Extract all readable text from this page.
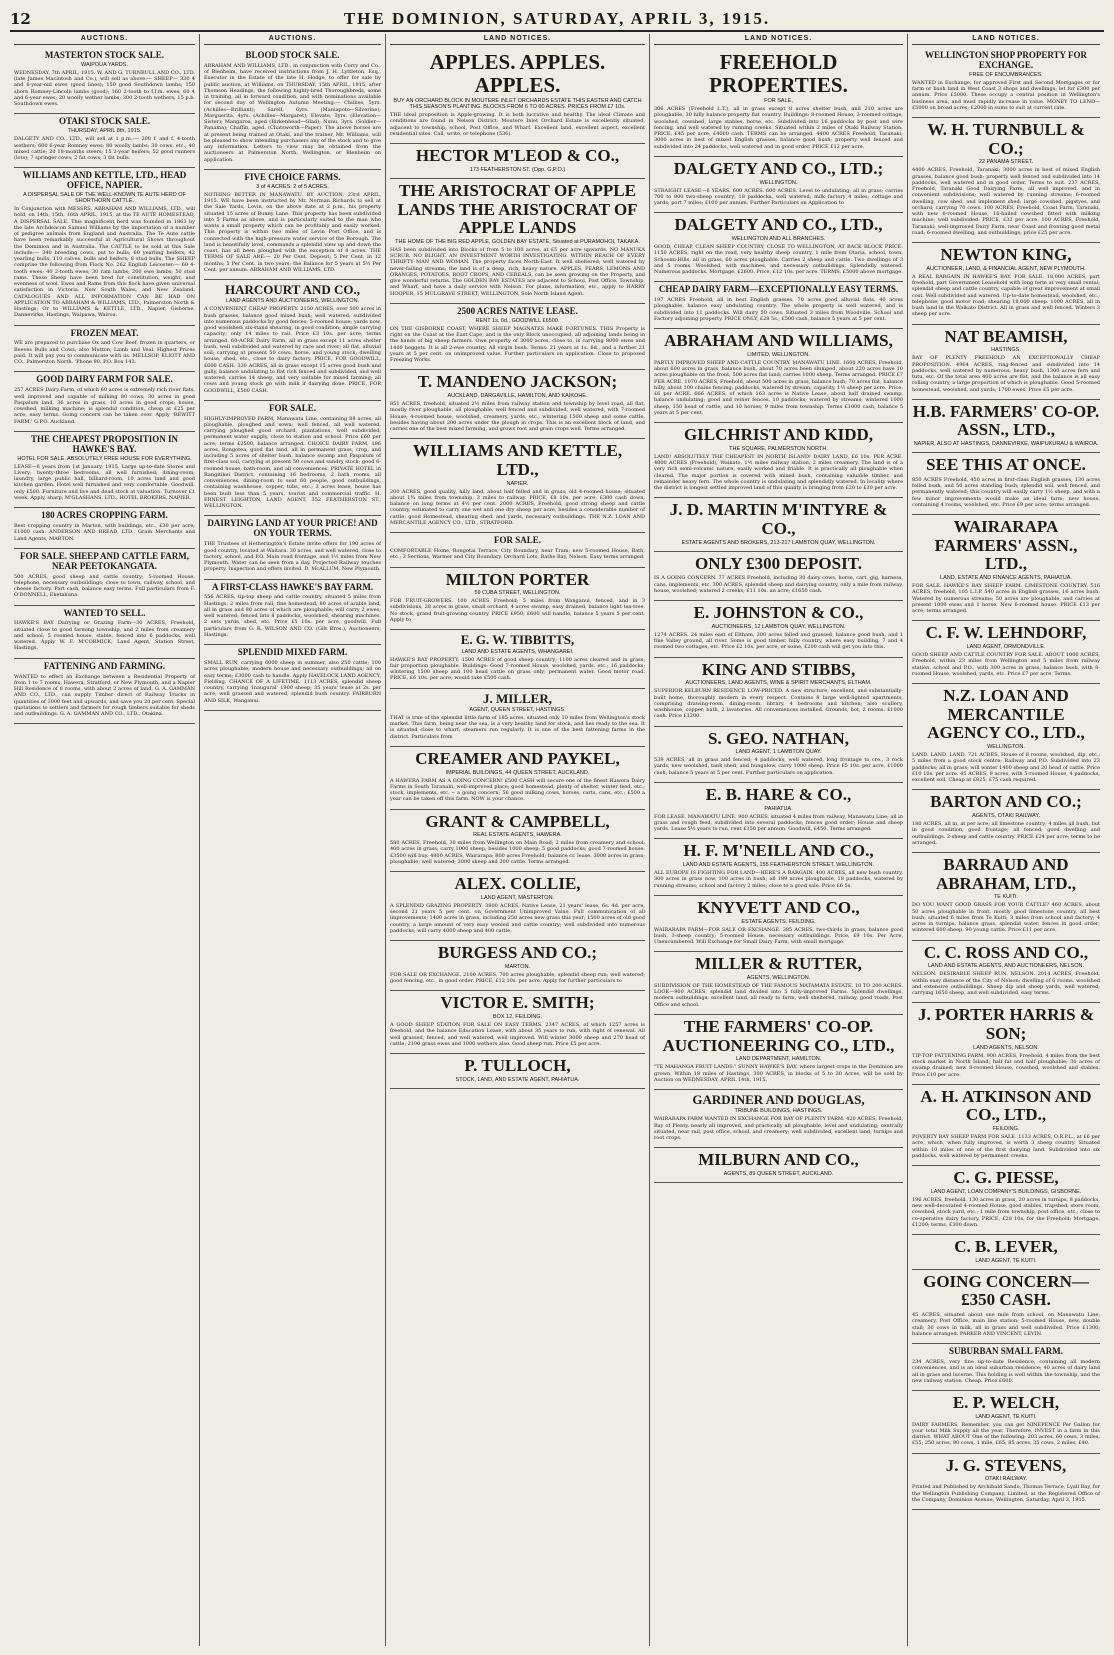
12	THE DOMINION, SATURDAY, APRIL 3, 1915.
AUCTIONS.
MASTERTON STOCK SALE.
WAIPOUA YARDS.
WEDNESDAY, 7th APRIL, 1915. W. AND G. TURNBULL AND CO., LTD. (late James Macintosh and Co.), will sell as above:— SHEEP— 330 4 and 6-year-old ewes (good lines); 150 good Southdown lambs; 150 shorn Romney-Lincoln lambs (good); 160 2-tooth to f.f.m. ewes; 60 4 and 6-year ewes; 20 woolly wether lambs; 300 2-tooth wethers; 15 p.b. Southdown ewes.
OTAKI STOCK SALE.
THURSDAY, APRIL 8th, 1915.
DALGETY AND CO., LTD., will sell at 1 p.m.:— 200 f. and f. 4-tooth wethers; 600 6-year Romney ewes; 80 woolly lambs; 30 cows, etc.; 40 mixed cattle; 20 18-months steers; 15 2-year heifers; 52 good runners (lots); 7 springer cows; 2 fat cows; 3 fat bulls.
WILLIAMS AND KETTLE, LTD., HEAD OFFICE, NAPIER.
A DISPERSAL SALE OF THE WELL-KNOWN TE AUTE HERD OF SHORTHORN CATTLE.
In Conjunction with MESSRS. ABRAHAM AND WILLIAMS, LTD., will hold, on 14th, 15th, 16th APRIL, 1915, at the TE AUTE HOMESTEAD, A DISPERSAL SALE. This magnificent herd was founded in 1863 by the late Archdeacon Samuel Williams by the importation of a number of pedigree animals from England and Australia. The Te Aute cattle have been remarkably successful at Agricultural Shows throughout the Dominion and in Australia. The CATTLE to be sold at this Sale include:— 340 breeding cows, put to bulls; 60 yearling heifers; 42 yearling bulls; 110 calves, bulls and heifers; 8 stud bulls. The SHEEP comprise the following from Flock No. 262 English Leicester:— 60 4-tooth ewes; 40 2-tooth ewes; 30 ram lambs; 200 ewe lambs; 50 stud rams. These Sheep have been bred for constitution, weight, and evenness of wool. Ewes and Rams from this flock have given universal satisfaction in Victoria, New South Wales, and New Zealand. CATALOGUES AND ALL INFORMATION CAN BE HAD ON APPLICATION TO ABRAHAM & WILLIAMS, LTD., Palmerston North & Hastings; Or to WILLIAMS & KETTLE, LTD., Napier, Gisborne, Dannevirke, Hastings, Waipawa, Wairoa.
FROZEN MEAT.
WE are prepared to purchase Ox and Cow Beef, frozen in quarters, or Beeves Bulls and Cows; also Mutton, Lamb and Veal. Highest Prices paid. It will pay you to communicate with us. MELLSOP, ELIOTT AND CO., Palmerston North. 'Phone 90. P.O. Box 143.
GOOD DAIRY FARM FOR SALE.
257 ACRES Dairy Farm, of which 60 acres is extremely rich river flats, well improved and capable of milking 80 cows; 30 acres in good Paspalum land, 36 acres in grass, 10 acres in good crops; house, cowshed, milking machine; is splendid condition, cheap at £25 per acre; easy terms. Going concern can be taken over. Apply 'BEWITT FARM,' G.P.O. Auckland.
THE CHEAPEST PROPOSITION IN HAWKE'S BAY.
HOTEL FOR SALE. ABSOLUTELY FREE HOUSE FOR EVERYTHING.
LEASE—6 years from 1st January, 1915. Large up-to-date Stores and Livery; twenty-three bedrooms, all well furnished; dining-room; laundry, large public hall, billiard-room, 10 acres land and good kitchen garden. Hotel well furnished and very comfortable. Goodwill, only £500. Furniture and live and dead stock at valuation. Turnover £1 week. Apply, sharp, M'GLASHANS, LTD., HOTEL BROKERS, NAPIER.
180 ACRES CROPPING FARM.
Best cropping country in Marton, with buildings, etc., £30 per acre; £1000 cash. ANDERSON AND BREAD, LTD., Grain Merchants and Land Agents, MARTON.
FOR SALE. SHEEP AND CATTLE FARM, NEAR PEETOKANGATA.
500 ACRES, good sheep and cattle country; 5-roomed House, telephone, necessary outbuildings; close to town, railway, school, and cheese factory. Part cash, balance easy terms. Full particulars from F. O'DONNELL, Eketahuna.
WANTED TO SELL.
HAWKE'S BAY Dairying or Grazing Farm—30 ACRES, Freehold, situated close to good farming township, and 2 miles from creamery and school; 5 roomed house, stable, fenced into 6 paddocks, well watered. Apply W. F. M'CORMICK, Land Agent, Station Street, Hastings.
FATTENING AND FARMING.
WANTED to effect an Exchange between a Residential Property of from 1 to 7 rooms, Hawera, Stratford, or New Plymouth, and a Napier Hill Residence of 8 rooms, with about 2 acres of land. G. A. GAMMAN AND CO., LTD., can supply Timber direct of Railway Trucks in quantities of 3000 feet and upwards, and save you 20 per cent. Special quotations to settlers and farmers for rough timbers suitable for sheds and outbuildings. G. A. GAMMAN AND CO., LTD., Otakina.
AUCTIONS.
BLOOD STOCK SALE.
ABRAHAM AND WILLIAMS, LTD., in conjunction with Corry and Co., of Blenheim, have received instructions from J. H. Lyttleton, Esq., Executor in the Estate of the late H. Hodge, to offer for sale by public auction, at Williams, on THURSDAY, 15th APRIL, 1915, after Thomson Headings, the following highly-bred Thoroughbreds, some in training, all in forward condition, and with nominations available for second day of Wellington Autumn Meeting:— Chillies, 5yrs. (Achilles—Brilliant); Sarell, 6yrs. (Maniapoto—Silverine); Marguerita, 4yrs. (Achilles—Margaret); Elevate, 3yrs. (Elevation—Sister); Mangaroa, aged (Birkenhead—Glad); Nunu, 3yrs. (Soldier—Panama); Chaffin, aged, (Chatsworth—Paper). The above horses are at present being trained at Otaki, and the trainer, Mr. Williams, will be pleased to show intending purchasers any of the stock and to give any information. Letters to view may be obtained from the auctioneers at Palmerston North, Wellington, or Blenheim on application.
FIVE CHOICE FARMS.
3 of 4 ACRES. 2 of 5 ACRES.
NOTHING BETTER IN MANAWATU. BY AUCTION, 23rd APRIL, 1915. WE have been instructed by Mr. Norman Richards to sell at the Sale Yards, Levin, on the above date at 2 p.m., his property situated 15 acres of Bunny Lane. This property has been subdivided into 5 Farms as above, and is particularly suited to the man who wants a small property which can be profitably and easily worked. This property is within two miles of Levin Post Office, and is connected with the high-pressure water service of the Borough. The land is beautifully level, commands a splendid view up and down the coast, has all been ploughed with the exception of 8 acres. THE TERMS OF SALE ARE:— 20 Per Cent. Deposit; 5 Per Cent. in 12 months; 5 Per Cent. in two years; the Balance for 5 years at 5½ Per Cent. per annum. ABRAHAM AND WILLIAMS, LTD.
HARCOURT AND CO.,
LAND AGENTS AND AUCTIONEERS, WELLINGTON.
A CONVENIENT CHEAP PROPERTY. 2150 ACRES, over 500 acres in bush grasses, balance good mixed bush; well watered; subdivided into numerous paddocks by good fences; 5-roomed house; yards now, good woolshed; six-stand shearing, in good condition; ample carrying capacity; only 14 miles to rail. Price £3 10s. per acre; terms arranged. 60-ACRE Dairy Farm, all in grass except 11 acres shelter bush, well subdivided and watered by race and river; all flat, alluvial soil; carrying at present 50 cows, horse, and young stock; dwelling house, shed, etc., close to dairy factory. PRICE, FOR GOODWILL, £600 CASH. 330 ACRES, all in grass except 15 acres good bush and gully, balance undulating to flat rich fenced and subdivided, and well watered; carries 14 sheep, and very suitable for mixed farming; all cows and young stock go with milk if dairying done. PRICE, FOR GOODWILL, £500 CASH.
FOR SALE.
HIGHLY-IMPROVED FARM, Manawatu Line, containing 88 acres, all ploughable, ploughed and sown; well fenced, all well watered, carrying ploughed good orchard, plantations, well subdivided, permanent water supply, close to station and school. Price £60 per acre; terms £2500, balance arranged. CHOICE DAIRY FARM, 196 acres, Rongotea, good flat land, all in permanent grass, crop, and including 5 acres of shelter bush, balance swamp and Paspalum of first-class soil, carrying at present 50 cows and sundry stock; good 6-roomed house, bath-room, and all conveniences. PRIVATE HOTEL in Rangitikei District, containing 16 bedrooms, 2 bath rooms, all conveniences, dining-room to seat 60 people, good outbuildings, containing washhouse, copper, tubs, etc.; 3 acres lease, house has been built less than 5 years, tourist and commercial traffic. H. ERNEST LEIGHTON, LAND AGENT, 352 FEATHERSTON ST., WELLINGTON.
DAIRYING LAND AT YOUR PRICE! AND ON YOUR TERMS.
THE Trustees of Hetherington's Estate invite offers for 190 acres of good country, located at Waitara. 30 acres, and well watered, close to factory, school, and P.O. Main road frontage, and 1½ miles from New Plymouth. Water can be seen from a day. Projected Railway touches property. Inspection and offers invited. D. McALLUM, New Plymouth.
A FIRST-CLASS HAWKE'S BAY FARM.
556 ACRES, tip-top sheep and cattle country, situated 5 miles from Hastings, 2 miles from rail; fine homestead, 80 acres of arable land, all in grass and 80 acres of which are ploughable; will carry 2 ewes; well watered; fenced into 8 paddocks, woolshed, shearing machines, 2 sets yards, shed, etc. Price £5 10s. per acre, goodwill. Full particulars from G. R. WILSON AND CO. (Gilt Bros.), Auctioneers, Hastings.
SPLENDID MIXED FARM.
SMALL RUN, carrying 6000 sheep in summer, also 250 cattle; 100 acres ploughable; modern house and necessary outbuildings; all on easy terms; £3000 cash to handle. Apply HAVELOCK LAND AGENCY, Fielding. CHANCE OF A LIFETIME. 1113 ACRES, splendid sheep country, carrying 'Inaugural' 1900 sheep; 35 years' lease at 2s. per acre; well grassed and watered, splendid bush country. FAIRBURN AND SILK, Wanganui.
LAND NOTICES.
APPLES. APPLES. APPLES.
BUY AN ORCHARD BLOCK IN MOUTERE INLET ORCHARDS ESTATE THIS EASTER AND CATCH THIS SEASON'S PLANTING. BLOCKS FROM 6 TO 60 ACRES. PRICES FROM £7 10s.
THE ideal proposition is Apple-growing. It is both lucrative and healthy. The ideal Climate and conditions are found in Nelson District. Moutere Inlet Orchard Estate is excellently situated, adjacent to township, school, Post Office, and Wharf. Excellent land, excellent aspect, excellent residential sites. Call, write, or telephone (536).
HECTOR M'LEOD & CO.,
173 FEATHERSTON ST. (Opp. G.P.O.)
THE ARISTOCRAT OF APPLE LANDS THE ARISTOCRAT OF APPLE LANDS
THE HOME OF THE BIG RED APPLE, GOLDEN BAY ESTATE, Situated at PURAMOHOI, TAKAKA.
HAS been subdivided into Blocks of from 5 to 100 acres, at £5 per acre upwards. NO MANUKA SCRUB. NO BLIGHT. AN INVESTMENT WORTH INVESTIGATING. WITHIN REACH OF EVERY THRIFTY MAN AND WOMAN. The property faces North-East. It well sheltered; well watered by never-failing streams; the land is of a deep, rich, heavy nature. APPLES, PEARS, LEMONS AND ORANGES, POTATOES, ROOT CROPS, AND CEREALS, can be seen growing on the Property, and give wonderful returns. The GOLDEN BAY ESTATES are adjacent to School, Post Office, Township, and Wharf, and have a daily service with Nelson. For plans, information, etc., apply to HARRY HOOPER, 15 MULGRAVE STREET, WELLINGTON, Sole North Island Agent.
2500 ACRES NATIVE LEASE.
RENT 1s. 6d., GOODWILL £6500.
ON THE GISBORNE COAST, WHERE SHEEP MAGNATES MAKE FORTUNES. THIS Property is right on the Coast at the East Cape, and is the only Block unoccupied, all adjoining lands being in the hands of big sheep farmers. Owe property of 3000 acres, close to, is carrying 8000 ewes and 1400 heggets. It is all 2-ewe country. All virgin bush. Terms: 21 years at 1s. 6d., and a further 21 years at 5 per cent. on unimproved value. Further particulars on application. Close to proposed Freezing Works.
T. MANDENO JACKSON;
AUCKLAND, DARGAVILLE, HAMILTON, AND KAIKOHE.
851 ACRES, freehold, situated 2½ miles from railway station and township by level road, all flat, mostly river ploughable, all ploughable, well fenced and subdivided, well watered, with 7-roomed House; 4-roomed house, woolshed, creamery, yards, etc.; wintering 1500 sheep and some cattle, besides having about 200 acres under the plough in crops. This is an excellent block of land, and carries one of the best mixed farming, and grows root and grain crops well. Terms arranged.
WILLIAMS AND KETTLE, LTD.,
NAPIER.
200 ACRES, good quality, hilly land, about half felled and in grass; old 4-roomed house; situated about 1¾ miles from township, 3 miles to railway. PRICE, £8 10s. per acre; £300 cash down, balance on long terms at 4½ per cent. 2000 ACRES, Freehold, good strong sheep and cattle country, estimated to carry one wet and one dry sheep per acre, besides a considerable number of cattle; good Homestead, shearing shed, and yards, necessary outbuildings. THE N.Z. LOAN AND MERCANTILE AGENCY CO., LTD., STRATFORD.
FOR SALE.
COMFORTABLE Home, Rongotai Terrace, City Boundary, near Tram; new 5-roomed House, Bath, etc.; 3 Sections, Warmer and City Boundary. Orchard Lots, Bathe Bay, Nelson. Easy terms arranged.
MILTON PORTER
59 CUBA STREET, WELLINGTON.
FOR FRUIT-GROWERS. 100 ACRES Freehold; 5 miles from Wanganui, fenced, and in 3 subdivisions, 28 acres in grass, small orchard, 4 acres swamp, easy drained, balance light tea-tree. No stock, grand fruit-growing country. PRICE £950; £600 will handle, balance 5 years 5 per cent. Apply to
E. G. W. TIBBITTS,
LAND AND ESTATE AGENTS, WHANGAREI.
HAWKE'S BAY PROPERTY. 1500 ACRES of good sheep country; 1100 acres cleared and in grass; fair proportion ploughable. Buildings: Good 7-roomed House, woolshed, yards, etc.; 16 paddocks; wintering 1500 sheep and 100 head cattle on grass only; permanent water. Good motor road. PRICE, £6 10s. per acre; would take £500 cash.
J. MILLER,
AGENT, QUEEN STREET, HASTINGS.
THAT is true of the splendid little farm of 185 acres, situated only 10 miles from Wellington's stock market. This farm, being near the sea, is a very healthy land for stock, and lies ready to the sea. It is situated close to wharf; steamers run regularly. It is one of the best fattening farms in the district. Particulars from
CREAMER AND PAYKEL,
IMPERIAL BUILDINGS, 44 QUEEN STREET, AUCKLAND.
A HAWERA FARM AS A GOING CONCERN! £500 CASH will secure one of the finest Hawera Dairy Farms in South Taranaki, well-improved place; good homestead, plenty of shelter, winter feed, etc.; stock, implements, etc. -- a going concern; 56 good milking cows, horses, carts, cans, etc.; £500 a year can be taken off this farm. NOW is your chance.
GRANT & CAMPBELL,
REAL ESTATE AGENTS, HAWERA.
580 ACRES, Freehold, 30 miles from Wellington on Main Road; 2 miles from creamery and school; 400 acres in grass; carry 1000 sheep, besides 1000 sheep; 5 good paddocks; good 7-roomed house. £3500 will buy. 4800 ACRES, Wairarapa; 800 acres Freehold; balance cr. lease. 3000 acres in grass; ploughable; well watered; 3000 sheep and 200 cattle. Terms arranged.
ALEX. COLLIE,
LAND AGENT, MASTERTON.
A SPLENDID GRAZING PROPERTY. 3800 ACRES, Native Lease, 21 years' lease, 6s. 4d. per acre, second 21 years 5 per cent. on Government Unimproved Value. Full communication of all improvements; 1400 acres in grass, including 250 acres new grass this year; 1500 acres of old good country, a large amount of very easy wooled and cattle country; well subdivided into numerous paddocks; will carry 4000 sheep and 400 cattle.
BURGESS AND CO.;
MARTON.
FOR SALE OR EXCHANGE. 2100 ACRES, 700 acres ploughable, splendid sheep run; well watered; good fencing, etc., in good order. PRICE, £12 10s. per acre. Apply for further particulars to
VICTOR E. SMITH;
BOX 12, FEILDING.
A GOOD SHEEP STATION FOR SALE ON EASY TERMS. 2347 ACRES, of which 1257 acres is freehold, and the balance Education Lease, with about 35 years to run, with right of renewal. All well grassed, fenced, and well watered, well improved. Will winter 3000 sheep and 270 head of cattle; 2100 grass ewes and 1000 wethers also. Good sheep run. Price £5 per acre.
P. TULLOCH,
STOCK, LAND, AND ESTATE AGENT, PAHIATUA.
LAND NOTICES.
FREEHOLD PROPERTIES.
FOR SALE,
306 ACRES (Freehold L.T.), all in grass except 8 acres shelter bush, and 210 acres are ploughable, 30 hilly balance property flat country. Buildings: 8-roomed House, 3-roomed cottage, woolshed, cowshed, large stables, horse, etc. Subdivided into 16 paddocks by post and wire fencing, and well watered by running creeks. Situated within 2 miles of Otaki Railway Station. PRICE, £45 per acre; £4000 cash. TERMS can be arranged. 4400 ACRES Freehold, Taranaki; 3000 acres in best of mixed English grasses, balance good bush; property well fenced and subdivided into 24 paddocks, well watered and in good order. PRICE £12 per acre.
DALGETY AND CO., LTD.;
WELLINGTON.
STRAIGHT LEASE—6 YEARS. 600 ACRES. 600 ACRES. Level to undulating; all in grass; carries 700 to 800 two-sheep country; 18 paddocks, well watered; milk factory 4 miles; cottage and yards; port 7 miles; £100 per annum. Further Particulars on Application to
DALGETY AND CO., LTD.,
WELLINGTON AND ALL BRANCHES.
GOOD, CHEAP, CLEAN SHEEP COUNTRY, CLOSE TO WELLINGTON, AT BACK BLOCK PRICE. 1150 ACRES, right on the road, very healthy sheep country, 1 mile from Otaria, school, town, Schoomi-Hills, all in grass, 60 acres ploughable. Carries 2 sheep and cattle. Two dwellings of 3 and 5 rooms. Woolshed, with machines, and necessary outbuildings. Splendidly watered. Numerous paddocks. Mortgage, £2600. Price, £12 10s. per acre. TERMS, £5000 above mortgage.
CHEAP DAIRY FARM—EXCEPTIONALLY EASY TERMS.
197 ACRES Freehold, all in best English grasses, 70 acres good alluvial flats, 40 acres ploughable, balance easy undulating country. The whole property is well watered, and is subdivided into 11 paddocks. Will dairy 50 cows. Situated 3 miles from Woodville. School and Factory adjoining property. PRICE ONLY, £28 5s.; £500 cash, balance 5 years at 5 per cent.
ABRAHAM AND WILLIAMS,
LIMITED, WELLINGTON.
PARTLY IMPROVED SHEEP AND CATTLE COUNTRY. MANAWATU LINE. 1600 ACRES, Freehold, about 600 acres in grass, balance bush, about 70 acres been slumped, about 220 acres have 10 acres ploughable on the front; 500 acres flat land; carries 1000 sheep. Terms arranged. PRICE £7 PER ACRE. 1070 ACRES, Freehold, about 500 acres in grass, balance bush; 70 acres flat, balance hilly, about 100 chains fencing; paddocks, watered by stream; capacity, 1½ sheep per acre. Price: £6 per ACRE. 666 ACRES, of which 163 acres is Native Lease, about half drained swamp, balance undulating; good and reiner fences, 10 paddocks; watered by streams; wintered 1000 sheep, 150 head of cattle, and 10 horses; 9 miles from township. Terms £1000 cash, balance 5 years at 5 per cent.
GILCHRIST AND KIDD,
THE SQUARE, PALMERSTON NORTH.
LAND! ABSOLUTELY THE CHEAPEST IN NORTH ISLAND! DAIRY LAND, £6 10s. PER ACRE. 4800 ACRES (Freehold), Waikato, 1½ miles railway station, 2 miles creamery. The land is of a very rich semi-volcanic nature, easily worked and friable. It is practically all ploughable when cleared. The major portion is covered with mixed bush, containing valuable timber, and remainder heavy fern. The whole country is undulating and splendidly watered. In locality where the district is longest settled improved land of this quality is bringing from £20 to £30 per acre.
J. D. MARTIN M'INTYRE & CO.,
ESTATE AGENTS AND BROKERS, 213-217 LAMBTON QUAY, WELLINGTON.
ONLY £300 DEPOSIT.
IS A GOING CONCERN. 77 ACRES Freehold, including 30 dairy cows, horse, cart, gig, harness, cans, implements, etc. 300 ACRES, splendid sheep and dairying country, only a mile from railway, house, woolshed; watered 2 creeks; £11 10s. an acre; £1650 cash.
E. JOHNSTON & CO.,
AUCTIONEERS, 12 LAMBTON QUAY, WELLINGTON.
1274 ACRES, 24 miles east of Eltham, 300 acres felled and grassed, balance good bush, and 1 fine Valley ground, all river. Some is good timber, hilly country, where easy building, 7 and 4 roomed two cottages, etc. Price £2 10s. per acre, or some, £200 cash will get you into this.
KING AND STIBBS,
AUCTIONEERS, LAND AGENTS, WINE & SPIRIT MERCHANTS, ELTHAM.
SUPERIOR KELBURN RESIDENCE LOW-PRICED. A new structure, excellent, and substantially-built home, thoroughly modern in every respect. Contains 8 large well-lighted apartments, comprising drawing-room, dining-room, library, 4 bedrooms and kitchen; also scullery, washhouse, copper, bath, 2 lavatories. All conveniences installed. Grounds, hot, 2 rooms. £1000 cash. Price £1200.
S. GEO. NATHAN,
LAND AGENT, 1 LAMBTON QUAY.
539 ACRES, all in grass and fenced; 4 paddocks, well watered, long frontage to cre., 3 rock yards, new woolshed, tank shed, and bungalow, carry 1000 sheep. Price £5 10s. per acre, £1000 cash; balance 5 years at 5 per cent. Further particulars on application.
E. B. HARE & CO.,
PAHIATUA.
FOR LEASE, MANAWATU LINE. 900 ACRES, situated 4 miles from railway, Manawatu Line; all in grass and rough feed, subdivided into several paddocks; fences good order; House and sheep yards. Lease 5½ years to run, rent £350 per annum. Goodwill, £450. Terms arranged.
H. F. M'NEILL AND CO.,
LAND AND ESTATE AGENTS, 155 FEATHERSTON STREET, WELLINGTON.
ALL EUROPE IS FIGHTING FOR LAND—HERE'S A BARGAIN. 400 ACRES, all new bush country, 300 acres in grass now, 100 acres in bush; all 189 acres ploughable, 18 paddocks, watered by running streams; school and factory 2 miles; close to a good sale. Price £6 5s.
KNYVETT AND CO.,
ESTATE AGENTS, FEILDING.
WAIRARAPA FARM—FOR SALE OR EXCHANGE. 385 ACRES, two-thirds in grass, balance good bush, 3-sheep country; 5-roomed House, necessary outbuildings. Price, £9 10s. Per Acre, Unencumbered. Will Exchange for Small Dairy Farm, with small mortgage.
MILLER & RUTTER,
AGENTS, WELLINGTON.
SUBDIVISION OF THE HOMESTEAD OF THE FAMOUS MATAMATA ESTATE. 10 TO 200 ACRES. LOOK—900 ACRES, splendid land divided into 5 fully-improved Farms. Splendid dwellings, modern outbuildings, excellent land, all ready to farm, well sheltered, railway, good roads, Post Office and school.
THE FARMERS' CO-OP. AUCTIONEERING CO., LTD.,
LAND DEPARTMENT, HAMILTON.
"TE MAHANGA FRUIT LANDS." SUNNY HAWKE'S BAY, where largest crops in the Dominion are grown. Within 18 miles of Hastings, 300 ACRES, in blocks of 5 to 30 Acres, will be sold by Auction on WEDNESDAY, APRIL 14th, 1915.
GARDINER AND DOUGLAS,
TRIBUNE BUILDINGS, HASTINGS.
WAIRARAPA FARM WANTED IN EXCHANGE FOR BAY OF PLENTY FARM. 420 ACRES, Freehold, Bay of Plenty, nearly all improved, and practically all ploughable, level and undulating; centrally situated, near rail, post office, school, and creamery; well subdivided, excellent land, turnips and root crops.
MILBURN AND CO.,
AGENTS, 89 QUEEN STREET, AUCKLAND.
LAND NOTICES.
WELLINGTON SHOP PROPERTY FOR EXCHANGE.
FREE OF ENCUMBRANCES.
WANTED in Exchange, for approved First and Second Mortgages or for farm or bush land in West Coast 3 shops and dwellings; let for £300 per annum. Price £5000. These occupy a central position in Wellington's business area, and must rapidly increase in value. MONEY TO LEND—£5000 on broad acres; £2000 in sums to suit at current rate.
W. H. TURNBULL & CO.;
22 PANAMA STREET.
4400 ACRES, Freehold, Taranaki; 3000 acres in best of mixed English grasses, balance good bush; property well fenced and subdivided into 14 paddocks, well watered and in good order. Terms to suit. 237 ACRES, Freehold, Taranaki Good Dairying Farm, all well improved, and in convenient subdivisions; well watered by running streams; 6-roomed dwelling, cow shed, and implement shed; large cowshed, pigstyes, and orchard; carrying 70 cows. 100 ACRES, Freehold, Coast Farm, Taranaki, with new 6-roomed House, 16-bailed cowshed fitted with milking machine; well subdivided. PRICE, £32 per acre. 100 ACRES, Freehold, Taranaki; well-improved Dairy Farm, near Coast and fronting good metal road; 6-roomed dwelling, and outbuildings; price £25 per acre.
NEWTON KING,
AUCTIONEER, LAND, & FINANCIAL AGENT, NEW PLYMOUTH.
A REAL BARGAIN IN HAWKE'S BAY. FOR SALE. 18,000 ACRES, part freehold, part Government Leasehold with long term at very small rental; splendid sheep and cattle country, capable of great improvement at small cost. Well subdivided and watered. Up-to-date homestead, woolshed, etc.; telephone; good motor road; shearing 18,000 sheep. 1000 ACRES, all in bush land in the Waikato District. All in grass and well fenced. Winters 3 sheep per acre.
NAT BEAMISH,
HASTINGS.
BAY OF PLENTY FREEHOLD AN EXCEPTIONALLY CHEAP PROPOSITION. 4964 ACRES, ring-fenced and subdivided into 14 paddocks, well watered by numerous, heavy bush, 1300 acres fern and tutu, etc. Of the total area 400 acres are flat, and the balance is all easy rolling country, a large proportion of which is ploughable. Good 5-roomed homestead, woolshed, and yards; 1700 ewes. Price £5 per acre.
H.B. FARMERS' CO-OP. ASSN., LTD.,
NAPIER, ALSO AT HASTINGS, DANNEVIRKE, WAIPUKURAU & WAIROA.
SEE THIS AT ONCE.
850 ACRES Freehold, 450 acres in first-class English grasses, 130 acres felled bush, and 50 acres standing bush; splendid soil, well fenced, and permanently watered; this country will easily carry 1½ sheep, and with a few minor improvements would make an ideal farm; new house, containing 4 rooms, woolshed, etc. Price £9 per acre; terms arranged.
WAIRARAPA FARMERS' ASSN., LTD.,
LAND, ESTATE AND FINANCE AGENTS, PAHIATUA.
FOR SALE. HAWKE'S BAY SHEEP FARM. LIMESTONE COUNTRY. 516 ACRES, freehold, 105 L.I.P. 540 acres in English grasses, 16 acres bush. Watered by numerous streams; 50 acres are ploughable, and carries at present 1000 ewes and 1 horse. New 6-roomed house. PRICE £13 per acre; terms arranged.
C. F. W. LEHNDORF,
LAND AGENT, ORMONDVILLE.
GOOD SHEEP AND CATTLE COUNTRY FOR SALE. ABOUT 1000 ACRES, Freehold, within 23 miles from Wellington and 5 miles from railway station, school and P.O., with 300 acres in grass, balance bush, with 8-roomed House, woolshed, yards, etc. Price £7 per acre. Terms.
N.Z. LOAN AND MERCANTILE AGENCY CO., LTD.,
WELLINGTON.
LAND. LAND. LAND. 721 ACRES, House of 8 rooms, woolshed, dip, etc.; 5 miles from a good stock centre; Railway and P.O. Subdivided into 23 paddocks; all in grass; will winter 1400 sheep and 20 head of cattle. Price £10 10s. per acre. 45 ACRES, 9 acres, with 5-roomed House, 4 paddocks, excellent soil. Cheap at £825; £75 cash required.
BARTON AND CO.;
AGENTS, OTAKI RAILWAY.
180 ACRES, all in, at per acre; all limestone country; 4 miles all bush, but in good condition, good frontage; all fenced; good dwelling and outbuildings. 2-sheep and cattle country. PRICE £24 per acre; terms to be arranged.
BARRAUD AND ABRAHAM, LTD.,
TE KUITI.
DO YOU WANT GOOD GRASS FOR YOUR CATTLE? 460 ACRES, about 50 acres ploughable in front, mostly good limestone country, all best bush; situated 6 miles from Te Kuiti; 3 miles from school and factory; 4 acres in turnips, balance grass, splendid water, fences in good order; wintered 600 sheep, 90 young cattle. Price £11 per acre.
C. C. ROSS AND CO.,
LAND AND ESTATE AGENTS, AND AUCTIONEERS, NELSON.
NELSON. DESIRABLE SHEEP RUN. NELSON. 2014 ACRES, Freehold, within easy distance of the City of Nelson; dwelling of 6 rooms, woolshed and extensive outbuildings. Sheep dip and sheep yards, well watered; carrying 1650 sheep, and well subdivided, easy terms.
J. PORTER HARRIS & SON;
LAND AGENTS, NELSON.
TIP-TOP FATTENING FARM. 900 ACRES, Freehold, 4 miles from the best stock market in North Island; half fat and half ploughable; 30 acres of swamp drained; new 8-roomed House, cowshed, woolshed and stables. Price £10 per acre.
A. H. ATKINSON AND CO., LTD.,
FEILDING.
POVERTY BAY SHEEP FARM FOR SALE. 1133 ACRES, O.R.P.L., at £6 per acre, which, when fully improved, is worth 3 sheep country. Situated within 10 miles of one of the first dairying land. Subdivided into six paddocks, well watered by permanent creeks.
C. G. PIESSE,
LAND AGENT, LOAN COMPANY'S BUILDINGS, GISBORNE.
196 ACRES, freehold, 130 acres in grass, 20 acres in turnips, 8 paddocks, new well-decorated 4-roomed House, good stables, trapshed, store room, cowshed, stock yard, etc.; 1 mile from township, post office, etc.; close to co-operative dairy factory. PRICE, £28 10s. for the Freehold; Mortgage, £1200; terms, £300 down.
C. B. LEVER,
LAND AGENT. TE KUITI.
GOING CONCERN—£350 CASH.
45 ACRES, situated about one mile from school, on Manawatu Line; creamery, Post Office, main line station; 5-roomed House, new, double stall; 30 cows in milk, all in grass and well subdivided. Price £1300; balance arranged. PARKER AND VINCENT, LEVIN.
SUBURBAN SMALL FARM.
234 ACRES, very fine up-to-date Residence, containing all modern conveniences, and is an ideal suburban residence; 40 acres of dairy land all in grass and lucerne. This holding is well within the township, and the new railway station. Cheap. Price £600.
E. P. WELCH,
LAND AGENT, TE KUITI.
DAIRY FARMERS, Remember, you can get NINEPENCE Per Gallon for your total Milk Supply all the year. Therefore, INVEST in a farm in this district. WHAT ABOUT One of the following: 203 acres, 60 cows, 3 miles, £55; 250 acres, 90 cows, 1 mile, £65; 85 acres, 35 cows, 2 miles, £40.
J. G. STEVENS,
OTAKI RAILWAY.
Printed and Published by Archibald Sando, Thomas Terrace, Lyall Bay, for the Wellington Publishing Company, Limited, at the Registered Office of the Company, Dominion Avenue, Wellington, Saturday, April 3, 1915.
